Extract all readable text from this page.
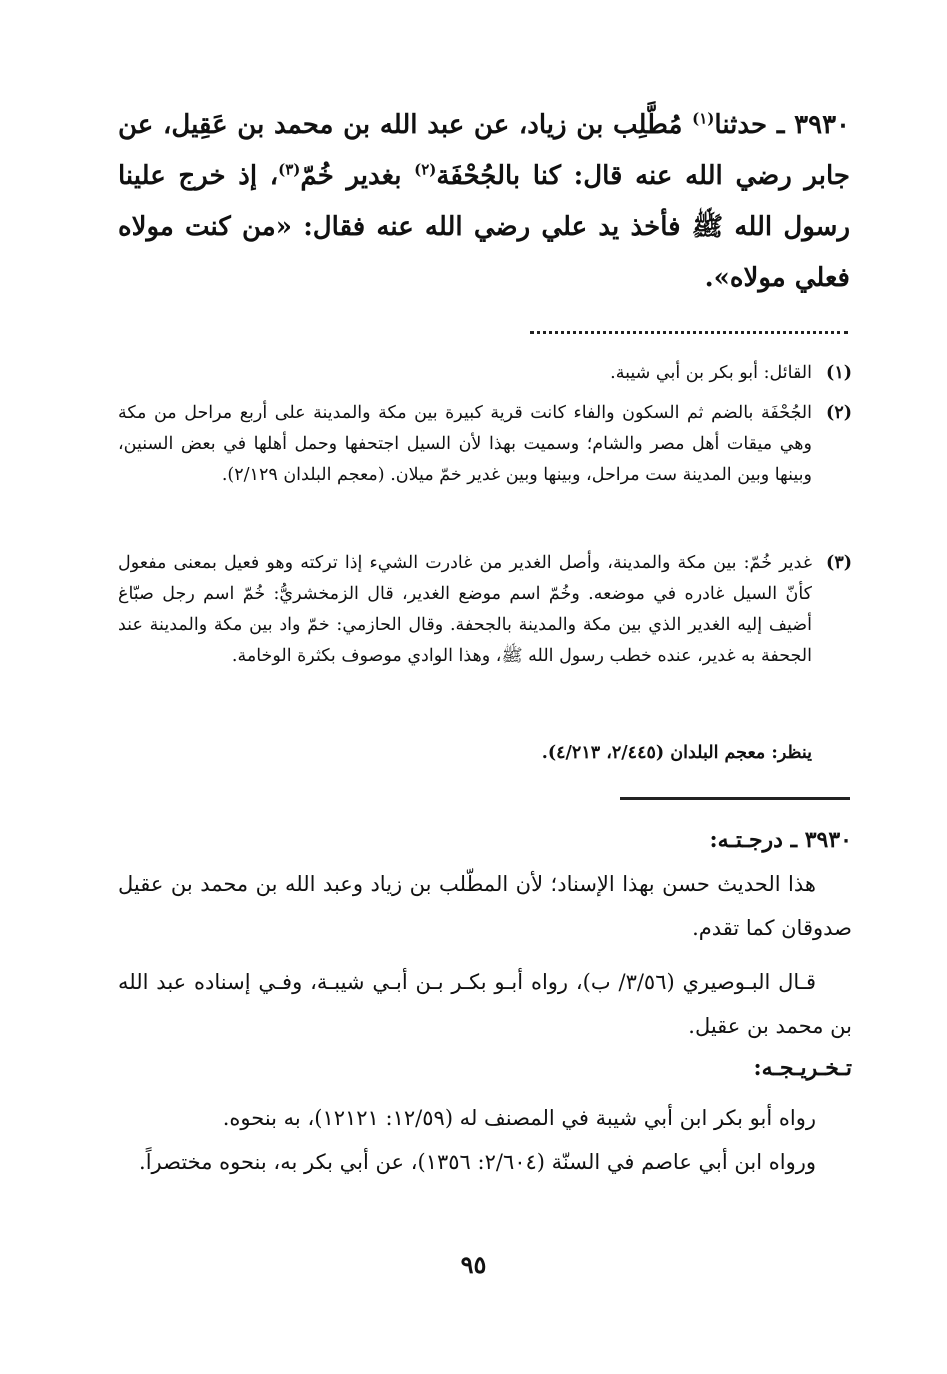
٣٩٣٠ ـ حدثنا$^{(١)}$ مُطَّلِب بن زياد، عن عبد الله بن محمد بن عَقِيل، عن جابر رضي الله عنه قال: كنا بالجُحْفَة$^{(٢)}$ بغدير خُمّ$^{(٣)}$، إذ خرج علينا رسول الله ﷺ فأخذ يد علي رضي الله عنه فقال: «من كنت مولاه فعلي مولاه».

(١)
القائل: أبو بكر بن أبي شيبة.
(٢)
الجُحْفَة بالضم ثم السكون والفاء كانت قرية كبيرة بين مكة والمدينة على أربع مراحل من مكة وهي ميقات أهل مصر والشام؛ وسميت بهذا لأن السيل اجتحفها وحمل أهلها في بعض السنين، وبينها وبين المدينة ست مراحل، وبينها وبين غدير خمّ ميلان. (معجم البلدان ٢/١٢٩).
(٣)
غدير خُمّ: بين مكة والمدينة، وأصل الغدير من غادرت الشيء إذا تركته وهو فعيل بمعنى مفعول كأنّ السيل غادره في موضعه. وخُمّ اسم موضع الغدير، قال الزمخشريُّ: خُمّ اسم رجل صبّاغ أضيف إليه الغدير الذي بين مكة والمدينة بالجحفة. وقال الحازمي: خمّ واد بين مكة والمدينة عند الجحفة به غدير، عنده خطب رسول الله ﷺ، وهذا الوادي موصوف بكثرة الوخامة.
ينظر: معجم البلدان (٢/٤٤٥، ٤/٢١٣).

٣٩٣٠ ـ درجـتـه:

هذا الحديث حسن بهذا الإسناد؛ لأن المطّلب بن زياد وعبد الله بن محمد بن عقيل صدوقان كما تقدم.

قـال البـوصيري (٣/٥٦/ ب)، رواه أبـو بكـر بـن أبـي شيبـة، وفـي إسناده عبد الله بن محمد بن عقيل.

تـخـريـجـه:

رواه أبو بكر ابن أبي شيبة في المصنف له (١٢/٥٩: ١٢١٢١)، به بنحوه.

ورواه ابن أبي عاصم في السنّة (٢/٦٠٤: ١٣٥٦)، عن أبي بكر به، بنحوه مختصراً.

٩٥
